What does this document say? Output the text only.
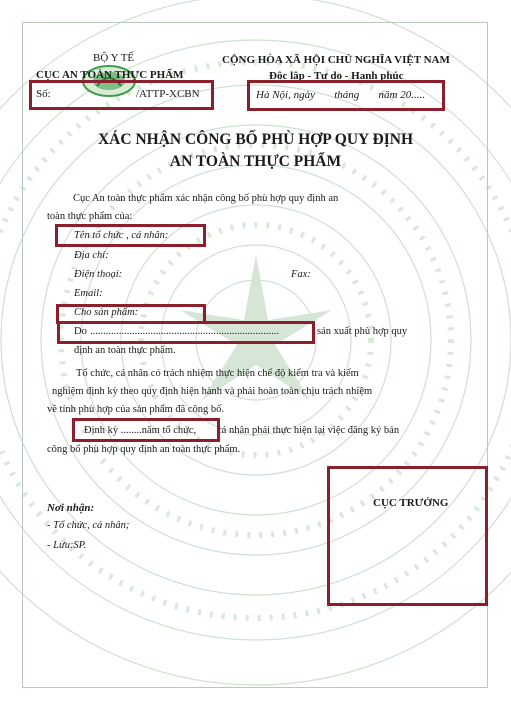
BỘ Y TẾ
CỤC AN TOÀN THỰC PHẨM
Số:	/ATTP-XCBN
CỘNG HÒA XÃ HỘI CHỦ NGHĨA VIỆT NAM
Độc lập - Tự do - Hạnh phúc
Hà Nội, ngày       tháng       năm 20.....
XÁC NHẬN CÔNG BỐ PHÙ HỢP QUY ĐỊNH
AN TOÀN THỰC PHẨM
Cục An toàn thực phẩm xác nhận công bố phù hợp quy định an
toàn thực phẩm của:
Tên tổ chức , cá nhân:
Địa chỉ:
Điện thoại:	Fax:
Email:
Cho sản phẩm:
Do ........................................................................	sản xuất phù hợp quy
định an toàn thực phẩm.
Tổ chức, cá nhân có trách nhiệm thực hiện chế độ kiểm tra và kiểm
nghiệm định kỳ theo quy định hiện hành và phải hoàn toàn chịu trách nhiệm
về tính phù hợp của sản phẩm đã công bố.
Định kỳ ........năm tổ chức, cá nhân phải thực hiện lại việc đăng ký bản
công bố phù hợp quy định an toàn thực phẩm.
Nơi nhận:
- Tổ chức, cá nhân;
- Lưu:SP.
CỤC TRƯỞNG
